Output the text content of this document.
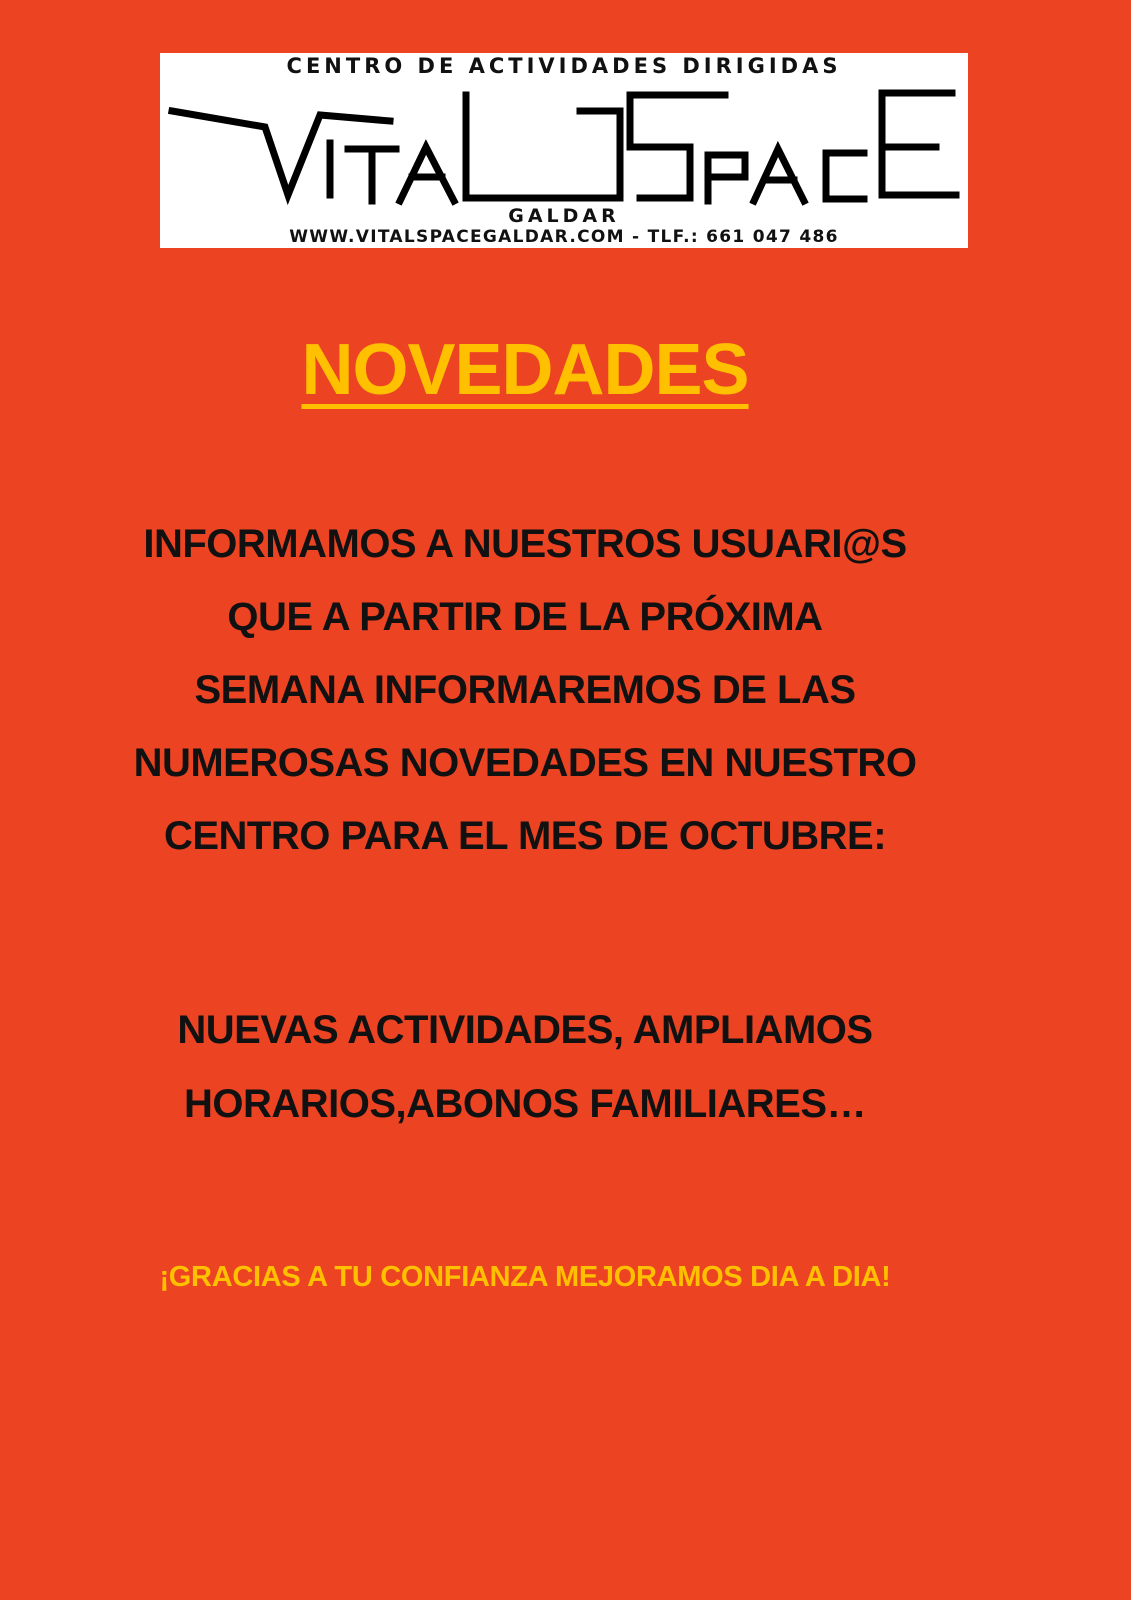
CENTRO DE ACTIVIDADES DIRIGIDAS
GALDAR
WWW.VITALSPACEGALDAR.COM - TLF.: 661 047 486
NOVEDADES
INFORMAMOS A NUESTROS USUARI@S
QUE A PARTIR DE LA PRÓXIMA
SEMANA INFORMAREMOS DE LAS
NUMEROSAS NOVEDADES EN NUESTRO
CENTRO PARA EL MES DE OCTUBRE:
NUEVAS ACTIVIDADES, AMPLIAMOS
HORARIOS,ABONOS FAMILIARES…
¡GRACIAS A TU CONFIANZA MEJORAMOS DIA A DIA!
